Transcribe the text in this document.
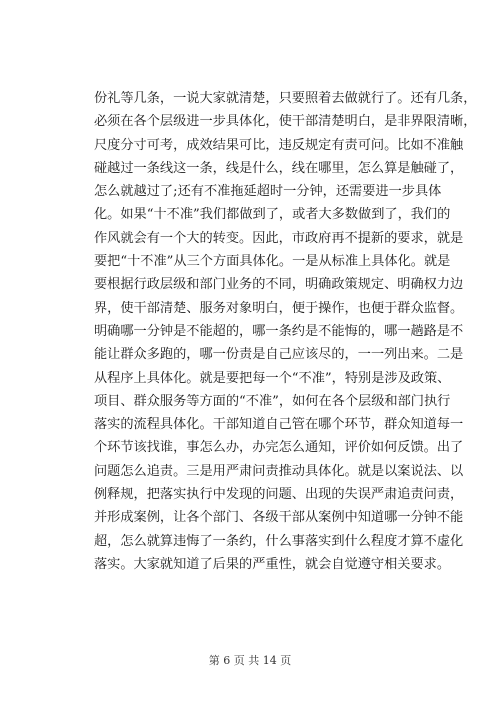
份礼等几条，一说大家就清楚，只要照着去做就行了。还有几条，
必须在各个层级进一步具体化，使干部清楚明白，是非界限清晰，
尺度分寸可考，成效结果可比，违反规定有责可问。比如不准触
碰越过一条线这一条，线是什么，线在哪里，怎么算是触碰了，
怎么就越过了;还有不准拖延超时一分钟，还需要进一步具体
化。如果“十不准”我们都做到了，或者大多数做到了，我们的
作风就会有一个大的转变。因此，市政府再不提新的要求，就是
要把“十不准”从三个方面具体化。一是从标准上具体化。就是
要根据行政层级和部门业务的不同，明确政策规定、明确权力边
界，使干部清楚、服务对象明白，便于操作，也便于群众监督。
明确哪一分钟是不能超的，哪一条约是不能悔的，哪一趟路是不
能让群众多跑的，哪一份责是自己应该尽的，一一列出来。二是
从程序上具体化。就是要把每一个“不准”，特别是涉及政策、
项目、群众服务等方面的“不准”，如何在各个层级和部门执行
落实的流程具体化。干部知道自己管在哪个环节，群众知道每一
个环节该找谁，事怎么办，办完怎么通知，评价如何反馈。出了
问题怎么追责。三是用严肃问责推动具体化。就是以案说法、以
例释规，把落实执行中发现的问题、出现的失误严肃追责问责，
并形成案例，让各个部门、各级干部从案例中知道哪一分钟不能
超，怎么就算违悔了一条约，什么事落实到什么程度才算不虚化
落实。大家就知道了后果的严重性，就会自觉遵守相关要求。
第 6 页 共 14 页
